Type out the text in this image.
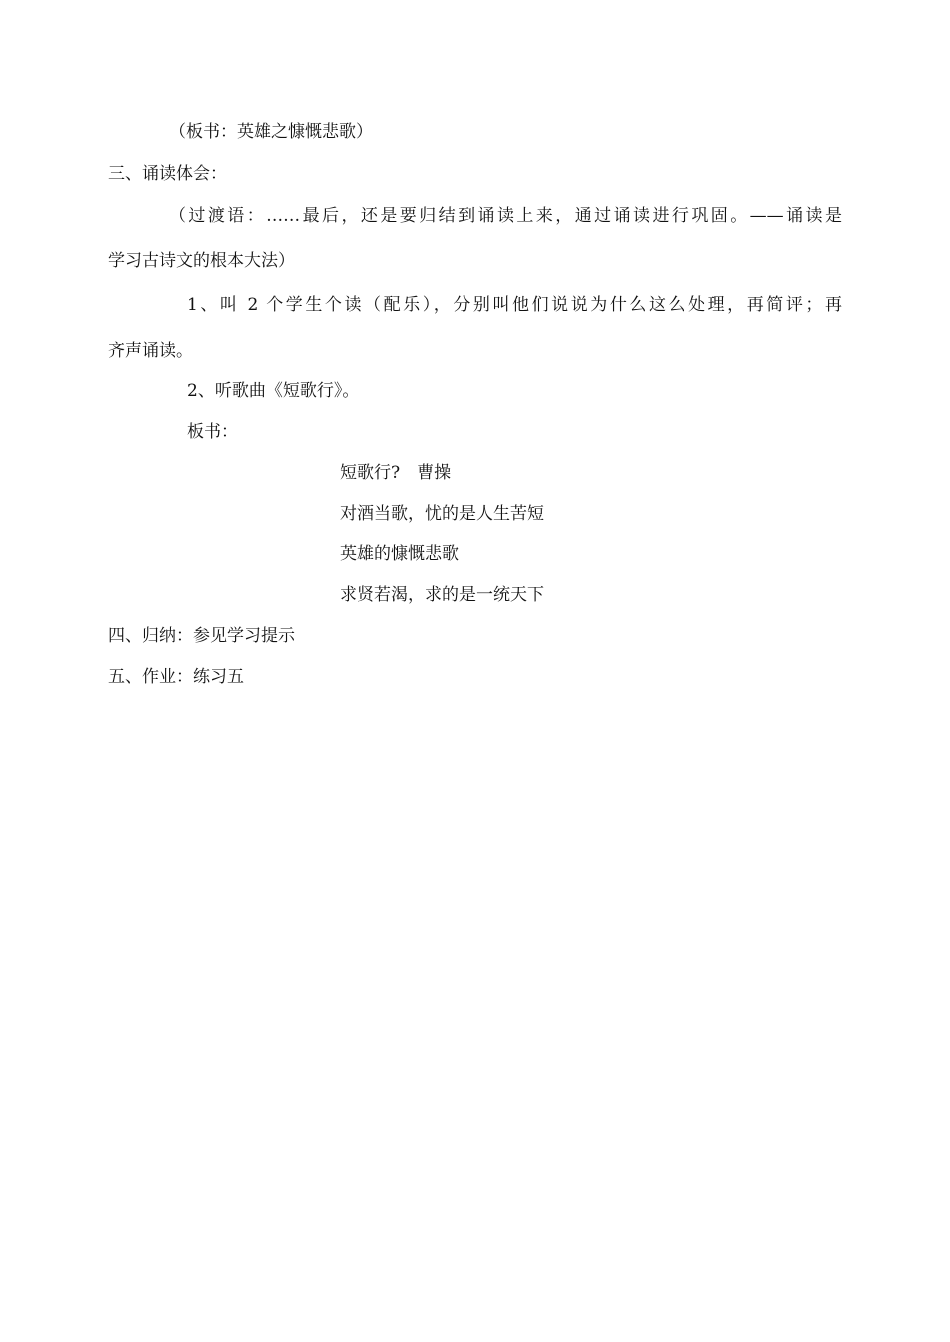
（板书：英雄之慷慨悲歌）
三、诵读体会：
（过渡语：……最后，还是要归结到诵读上来，通过诵读进行巩固。——诵读是
学习古诗文的根本大法）
1、叫 2 个学生个读（配乐），分别叫他们说说为什么这么处理，再简评；再
齐声诵读。
2、听歌曲《短歌行》。
板书：
短歌行?　曹操
对酒当歌，忧的是人生苦短
英雄的慷慨悲歌
求贤若渴，求的是一统天下
四、归纳：参见学习提示
五、作业：练习五
